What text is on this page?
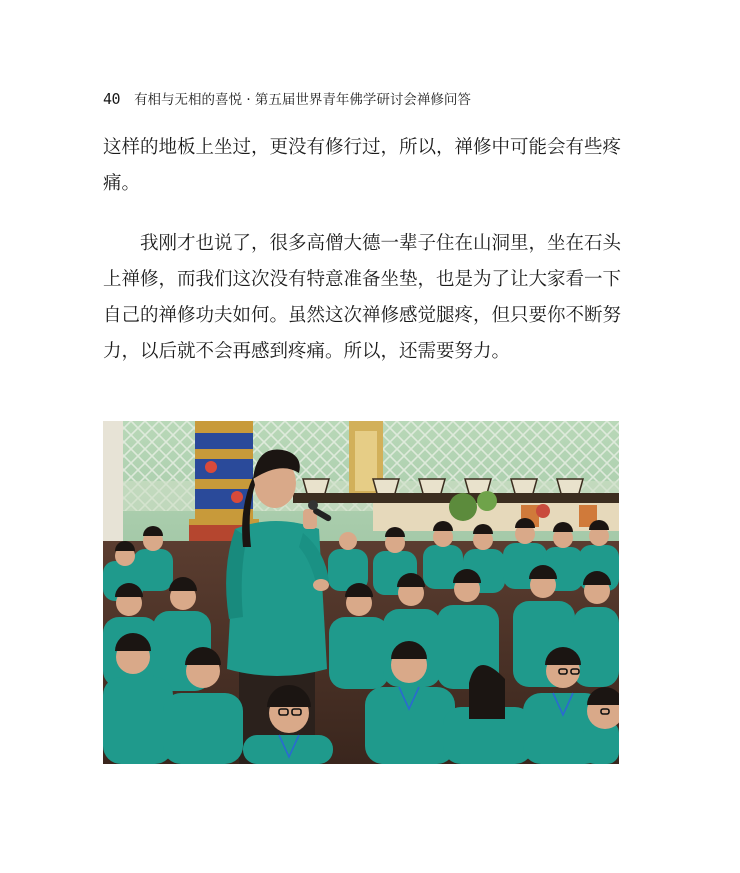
40 有相与无相的喜悦 · 第五届世界青年佛学研讨会禅修问答

这样的地板上坐过，更没有修行过，所以，禅修中可能会有些疼痛。

我刚才也说了，很多高僧大德一辈子住在山洞里，坐在石头上禅修，而我们这次没有特意准备坐垫，也是为了让大家看一下自己的禅修功夫如何。虽然这次禅修感觉腿疼，但只要你不断努力，以后就不会再感到疼痛。所以，还需要努力。
